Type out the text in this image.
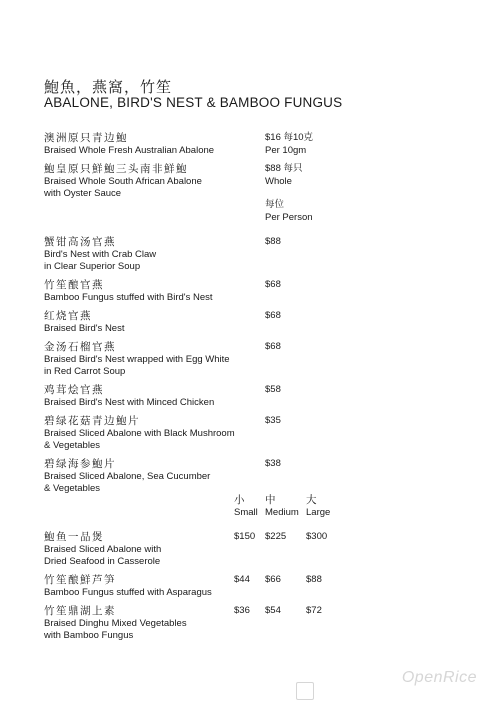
鮑魚，燕窩，竹笙
ABALONE, BIRD'S NEST & BAMBOO FUNGUS
澳洲原只青边鮑
Braised Whole Fresh Australian Abalone
$16 每10克
Per 10gm
鮑皇原只鮮鮑三头南非鮮鮑
Braised Whole South African Abalone
with Oyster Sauce
$88 每只
Whole
每位
Per Person
蟹钳高汤官燕
Bird's Nest with Crab Claw
in Clear Superior Soup
$88
竹笙酿官燕
Bamboo Fungus stuffed with Bird's Nest
$68
红烧官燕
Braised Bird's Nest
$68
金汤石榴官燕
Braised Bird's Nest wrapped with Egg White
in Red Carrot Soup
$68
鸡茸烩官燕
Braised Bird's Nest with Minced Chicken
$58
碧绿花菇青边鮑片
Braised Sliced Abalone with Black Mushroom
& Vegetables
$35
碧绿海参鮑片
Braised Sliced Abalone, Sea Cucumber
& Vegetables
$38
小
Small
中
Medium
大
Large
鮑鱼一品煲
Braised Sliced Abalone with
Dried Seafood in Casserole
$150 $225 $300
竹笙酿鮮芦笋
Bamboo Fungus stuffed with Asparagus
$44 $66	$88
竹笙鼎湖上素
Braised Dinghu Mixed Vegetables
with Bamboo Fungus
$36 $54	$72
OpenRice
